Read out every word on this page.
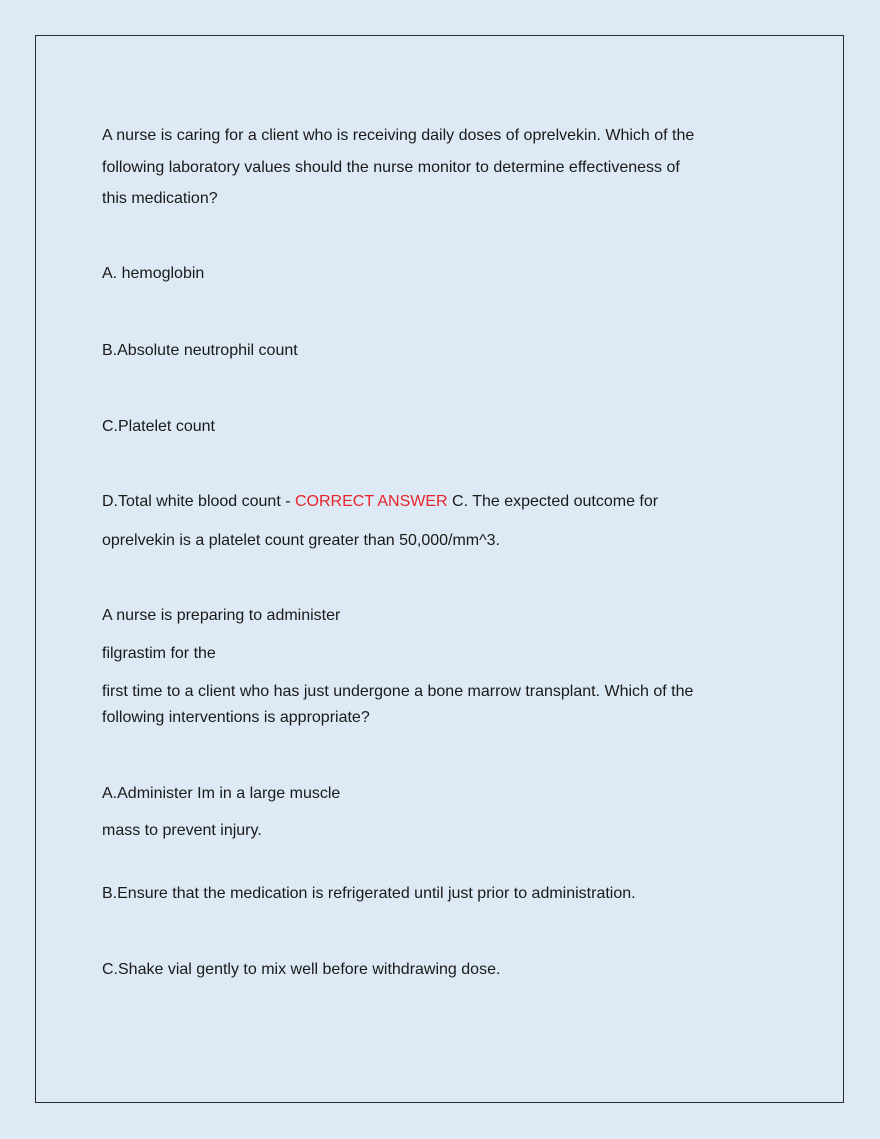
A nurse is caring for a client who is receiving daily doses of oprelvekin. Which of the

following laboratory values should the nurse monitor to determine effectiveness of

this medication?

A. hemoglobin

B.Absolute neutrophil count

C.Platelet count

D.Total white blood count - CORRECT ANSWER C. The expected outcome for

oprelvekin is a platelet count greater than 50,000/mm^3.

A nurse is preparing to administer

filgrastim for the

first time to a client who has just undergone a bone marrow transplant. Which of the

following interventions is appropriate?

A.Administer Im in a large muscle

mass to prevent injury.

B.Ensure that the medication is refrigerated until just prior to administration.

C.Shake vial gently to mix well before withdrawing dose.
